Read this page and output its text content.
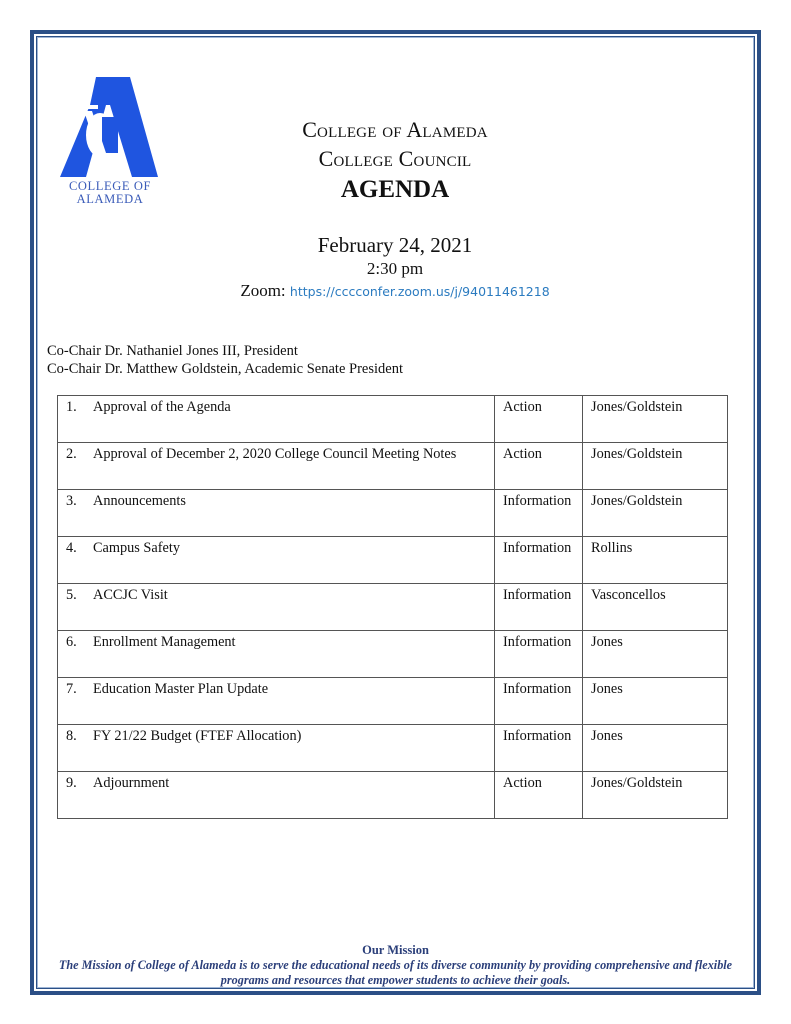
COLLEGE OF
ALAMEDA
College of Alameda
College Council
AGENDA
February 24, 2021
2:30 pm
Zoom: https://cccconfer.zoom.us/j/94011461218
Co-Chair Dr. Nathaniel Jones III, President
Co-Chair Dr. Matthew Goldstein, Academic Senate President
1. Approval of the Agenda	Action	Jones/Goldstein
2. Approval of December 2, 2020 College Council Meeting Notes	Action	Jones/Goldstein
3. Announcements	Information	Jones/Goldstein
4. Campus Safety	Information	Rollins
5. ACCJC Visit	Information	Vasconcellos
6. Enrollment Management	Information	Jones
7. Education Master Plan Update	Information	Jones
8. FY 21/22 Budget (FTEF Allocation)	Information	Jones
9. Adjournment	Action	Jones/Goldstein
Our Mission
The Mission of College of Alameda is to serve the educational needs of its diverse community by providing comprehensive and flexible programs and resources that empower students to achieve their goals.
